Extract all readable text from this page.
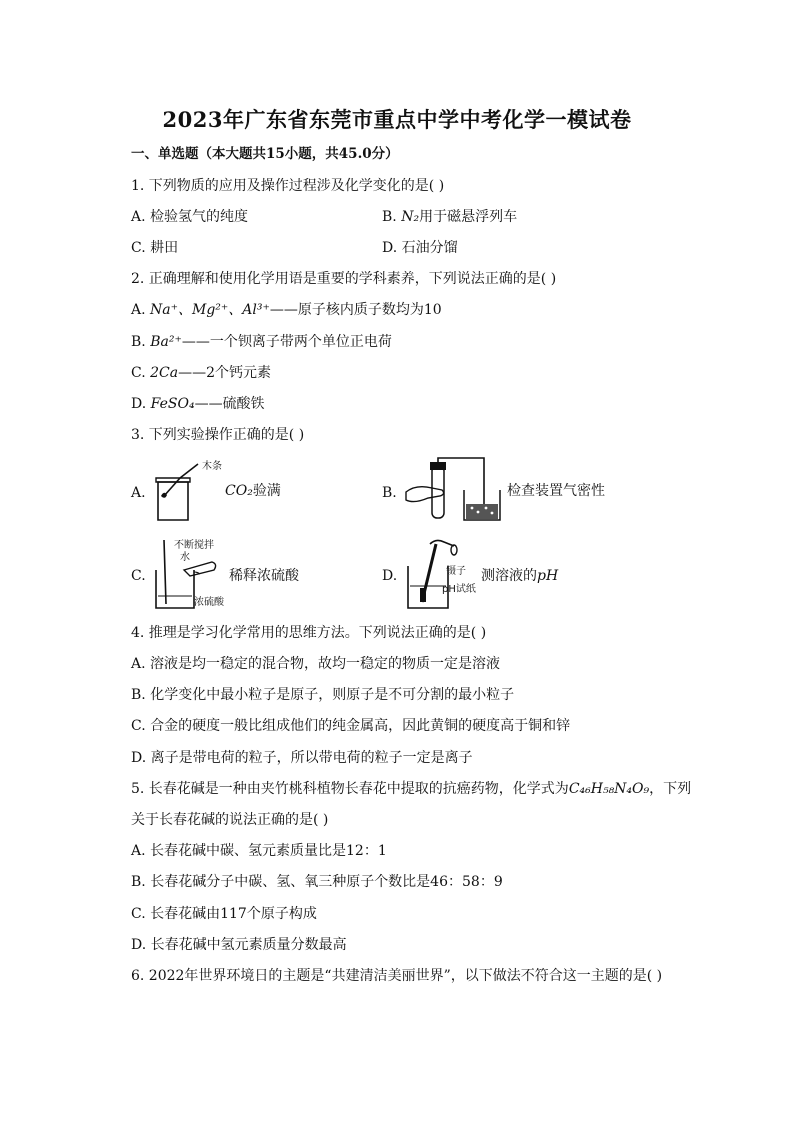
2023年广东省东莞市重点中学中考化学一模试卷
一、单选题（本大题共15小题，共45.0分）
1. 下列物质的应用及操作过程涉及化学变化的是( )
A. 检验氢气的纯度	B. N₂用于磁悬浮列车
C. 耕田	D. 石油分馏
2. 正确理解和使用化学用语是重要的学科素养，下列说法正确的是( )
A. Na⁺、Mg²⁺、Al³⁺——原子核内质子数均为10
B. Ba²⁺——一个钡离子带两个单位正电荷
C. 2Ca——2个钙元素
D. FeSO₄——硫酸铁
3. 下列实验操作正确的是( )
A.
木条
CO₂验满	B.	检查装置气密性
C.
不断搅拌
水
浓硫酸
稀释浓硫酸	D.	镊子
pH试纸
测溶液的pH
4. 推理是学习化学常用的思维方法。下列说法正确的是( )
A. 溶液是均一稳定的混合物，故均一稳定的物质一定是溶液
B. 化学变化中最小粒子是原子，则原子是不可分割的最小粒子
C. 合金的硬度一般比组成他们的纯金属高，因此黄铜的硬度高于铜和锌
D. 离子是带电荷的粒子，所以带电荷的粒子一定是离子
5. 长春花碱是一种由夹竹桃科植物长春花中提取的抗癌药物，化学式为C₄₆H₅₈N₄O₉，下列
关于长春花碱的说法正确的是( )
A. 长春花碱中碳、氢元素质量比是12：1
B. 长春花碱分子中碳、氢、氧三种原子个数比是46：58：9
C. 长春花碱由117个原子构成
D. 长春花碱中氢元素质量分数最高
6. 2022年世界环境日的主题是“共建清洁美丽世界”，以下做法不符合这一主题的是( )
